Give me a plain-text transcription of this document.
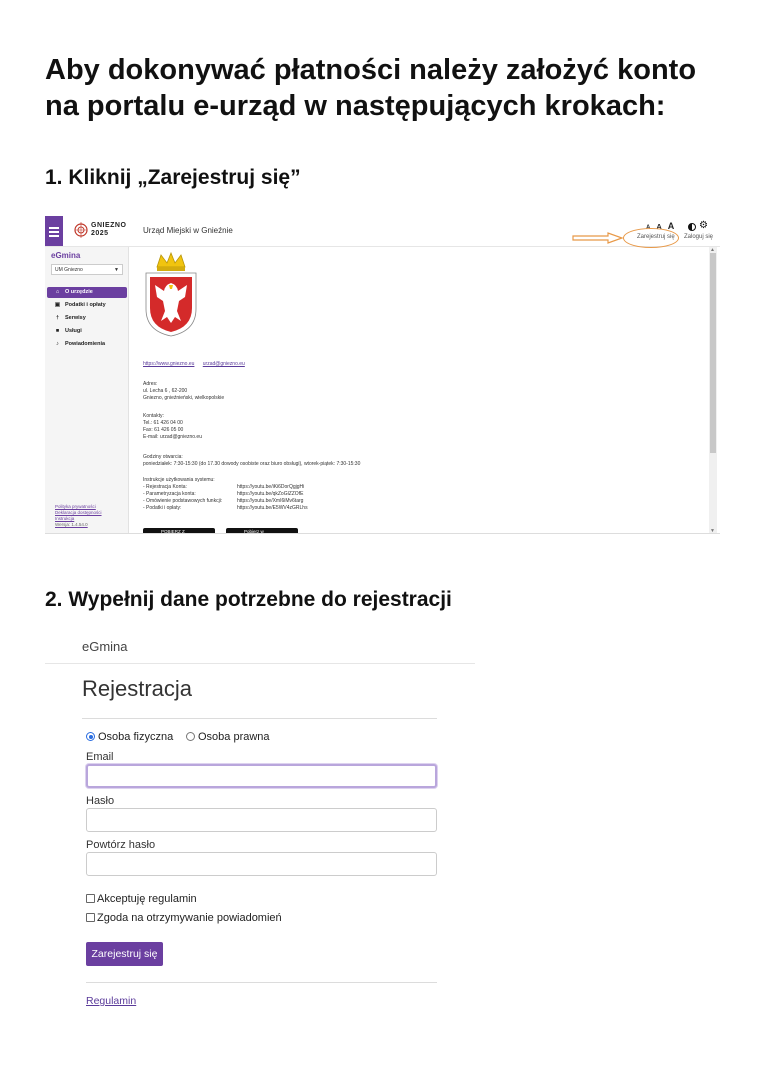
Aby dokonywać płatności należy założyć konto na portalu e-urząd w następujących krokach:
1. Kliknij „Zarejestruj się”
2. Wypełnij dane potrzebne do rejestracji
GNIEZNO
2025	Urząd Miejski w Gnieźnie	A A A	⚙
Zarejestruj się Zaloguj się
eGmina
UM Gniezno	▼
⌂ O urzędzie
▣ Podatki i opłaty
† Serwisy
■ Usługi
♪ Powiadomienia
Polityka prywatności
Deklaracja dostępności
Instrukcja
Wersja: 1.4.54.0
https://www.gniezno.eu urzad@gniezno.eu
Adres:
ul. Lecha 6 , 62-200
Gniezno, gnieźnieński, wielkopolskie
Kontakty:
Tel.: 61 426 04 00
Fax: 61 426 05 00
E-mail: urzad@gniezno.eu
Godziny otwarcia:
poniedziałek: 7:30-15:30 (do 17.30 dowody osobiste oraz biuro obsługi), wtorek-piątek: 7:30-15:30
Instrukcje użytkowania systemu:
- Rejestracja Konta:	https://youtu.be/iKi6DorQgjgHi
- Parametryzacja konta:	https://youtu.be/qkZoGlZZOfE
- Omówienie podstawowych funkcji:	https://youtu.be/XmI6iMv6targ
- Podatki i opłaty:	https://youtu.be/E5WV4zGRLhs
POBIERZ Z	Pobierz w
▲
▼
eGmina
Rejestracja
Osoba fizyczna	Osoba prawna
Email
Hasło
Powtórz hasło
Akceptuję regulamin
Zgoda na otrzymywanie powiadomień
Zarejestruj się
Regulamin
